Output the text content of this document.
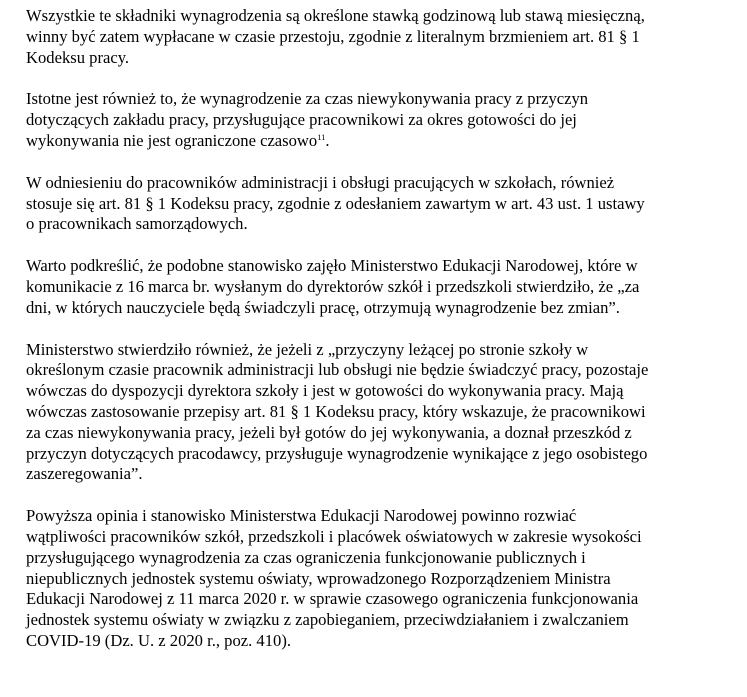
Wszystkie te składniki wynagrodzenia są określone stawką godzinową lub stawą miesięczną,
winny być zatem wypłacane w czasie przestoju, zgodnie z literalnym brzmieniem art. 81 § 1
Kodeksu pracy.

Istotne jest również to, że wynagrodzenie za czas niewykonywania pracy z przyczyn
dotyczących zakładu pracy, przysługujące pracownikowi za okres gotowości do jej
wykonywania nie jest ograniczone czasowo$^{11}$.

W odniesieniu do pracowników administracji i obsługi pracujących w szkołach, również
stosuje się art. 81 § 1 Kodeksu pracy, zgodnie z odesłaniem zawartym w art. 43 ust. 1 ustawy
o pracownikach samorządowych.

Warto podkreślić, że podobne stanowisko zajęło Ministerstwo Edukacji Narodowej, które w
komunikacie z 16 marca br. wysłanym do dyrektorów szkół i przedszkoli stwierdziło, że „za
dni, w których nauczyciele będą świadczyli pracę, otrzymują wynagrodzenie bez zmian”.

Ministerstwo stwierdziło również, że jeżeli z „przyczyny leżącej po stronie szkoły w
określonym czasie pracownik administracji lub obsługi nie będzie świadczyć pracy, pozostaje
wówczas do dyspozycji dyrektora szkoły i jest w gotowości do wykonywania pracy. Mają
wówczas zastosowanie przepisy art. 81 § 1 Kodeksu pracy, który wskazuje, że pracownikowi
za czas niewykonywania pracy, jeżeli był gotów do jej wykonywania, a doznał przeszkód z
przyczyn dotyczących pracodawcy, przysługuje wynagrodzenie wynikające z jego osobistego
zaszeregowania”.

Powyższa opinia i stanowisko Ministerstwa Edukacji Narodowej powinno rozwiać
wątpliwości pracowników szkół, przedszkoli i placówek oświatowych w zakresie wysokości
przysługującego wynagrodzenia za czas ograniczenia funkcjonowanie publicznych i
niepublicznych jednostek systemu oświaty, wprowadzonego Rozporządzeniem Ministra
Edukacji Narodowej z 11 marca 2020 r. w sprawie czasowego ograniczenia funkcjonowania
jednostek systemu oświaty w związku z zapobieganiem, przeciwdziałaniem i zwalczaniem
COVID-19 (Dz. U. z 2020 r., poz. 410).
